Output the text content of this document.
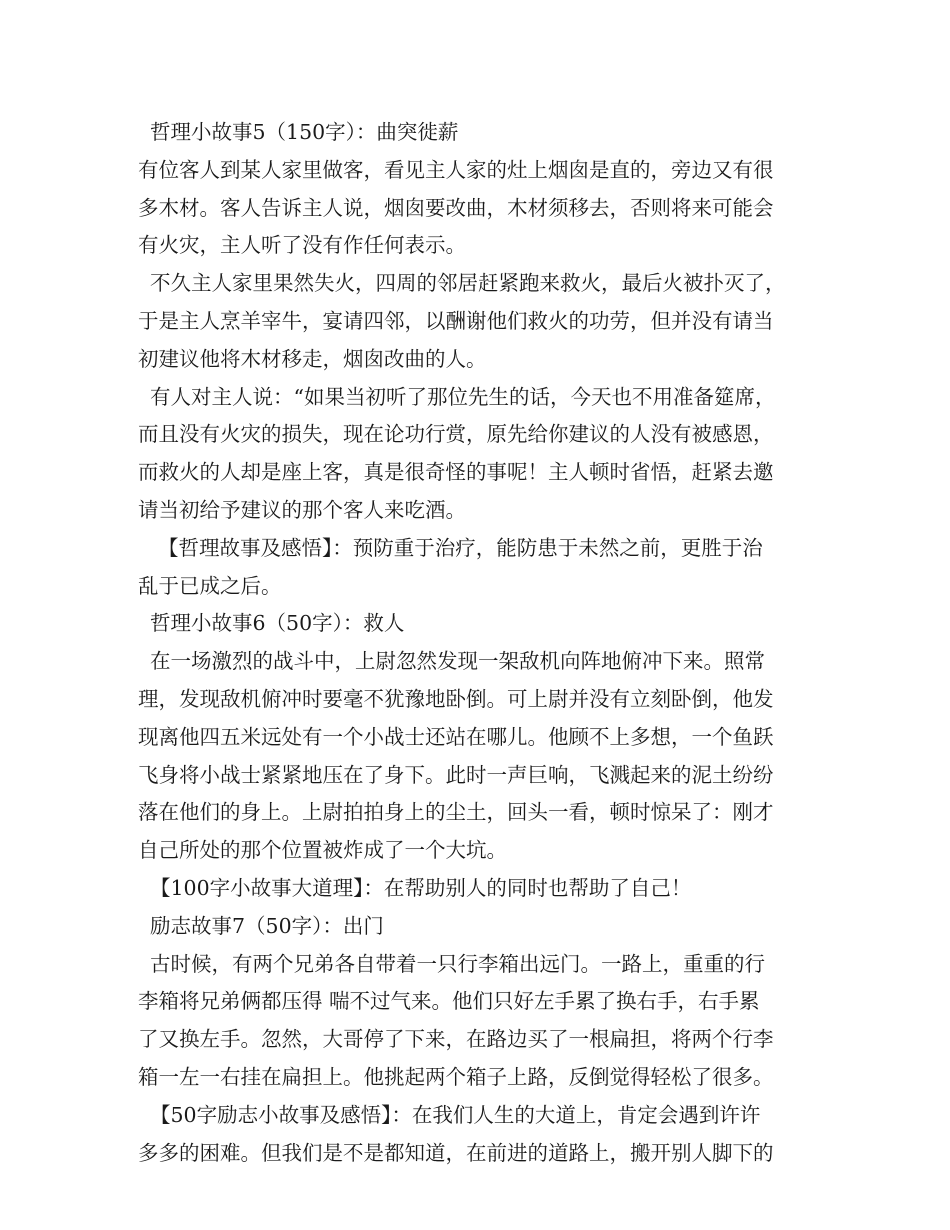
哲理小故事5（150字）：曲突徙薪
有位客人到某人家里做客，看见主人家的灶上烟囱是直的，旁边又有很
多木材。客人告诉主人说，烟囱要改曲，木材须移去，否则将来可能会
有火灾，主人听了没有作任何表示。
不久主人家里果然失火，四周的邻居赶紧跑来救火，最后火被扑灭了，
于是主人烹羊宰牛，宴请四邻，以酬谢他们救火的功劳，但并没有请当
初建议他将木材移走，烟囱改曲的人。
有人对主人说：“如果当初听了那位先生的话，今天也不用准备筵席，
而且没有火灾的损失，现在论功行赏，原先给你建议的人没有被感恩，
而救火的人却是座上客，真是很奇怪的事呢！主人顿时省悟，赶紧去邀
请当初给予建议的那个客人来吃酒。
【哲理故事及感悟】：预防重于治疗，能防患于未然之前，更胜于治
乱于已成之后。
哲理小故事6（50字）：救人
在一场激烈的战斗中，上尉忽然发现一架敌机向阵地俯冲下来。照常
理，发现敌机俯冲时要毫不犹豫地卧倒。可上尉并没有立刻卧倒，他发
现离他四五米远处有一个小战士还站在哪儿。他顾不上多想，一个鱼跃
飞身将小战士紧紧地压在了身下。此时一声巨响，飞溅起来的泥土纷纷
落在他们的身上。上尉拍拍身上的尘土，回头一看，顿时惊呆了：刚才
自己所处的那个位置被炸成了一个大坑。
【100字小故事大道理】：在帮助别人的同时也帮助了自己！
励志故事7（50字）：出门
古时候，有两个兄弟各自带着一只行李箱出远门。一路上，重重的行
李箱将兄弟俩都压得 喘不过气来。他们只好左手累了换右手，右手累
了又换左手。忽然，大哥停了下来，在路边买了一根扁担，将两个行李
箱一左一右挂在扁担上。他挑起两个箱子上路，反倒觉得轻松了很多。
【50字励志小故事及感悟】：在我们人生的大道上，肯定会遇到许许
多多的困难。但我们是不是都知道，在前进的道路上，搬开别人脚下的
